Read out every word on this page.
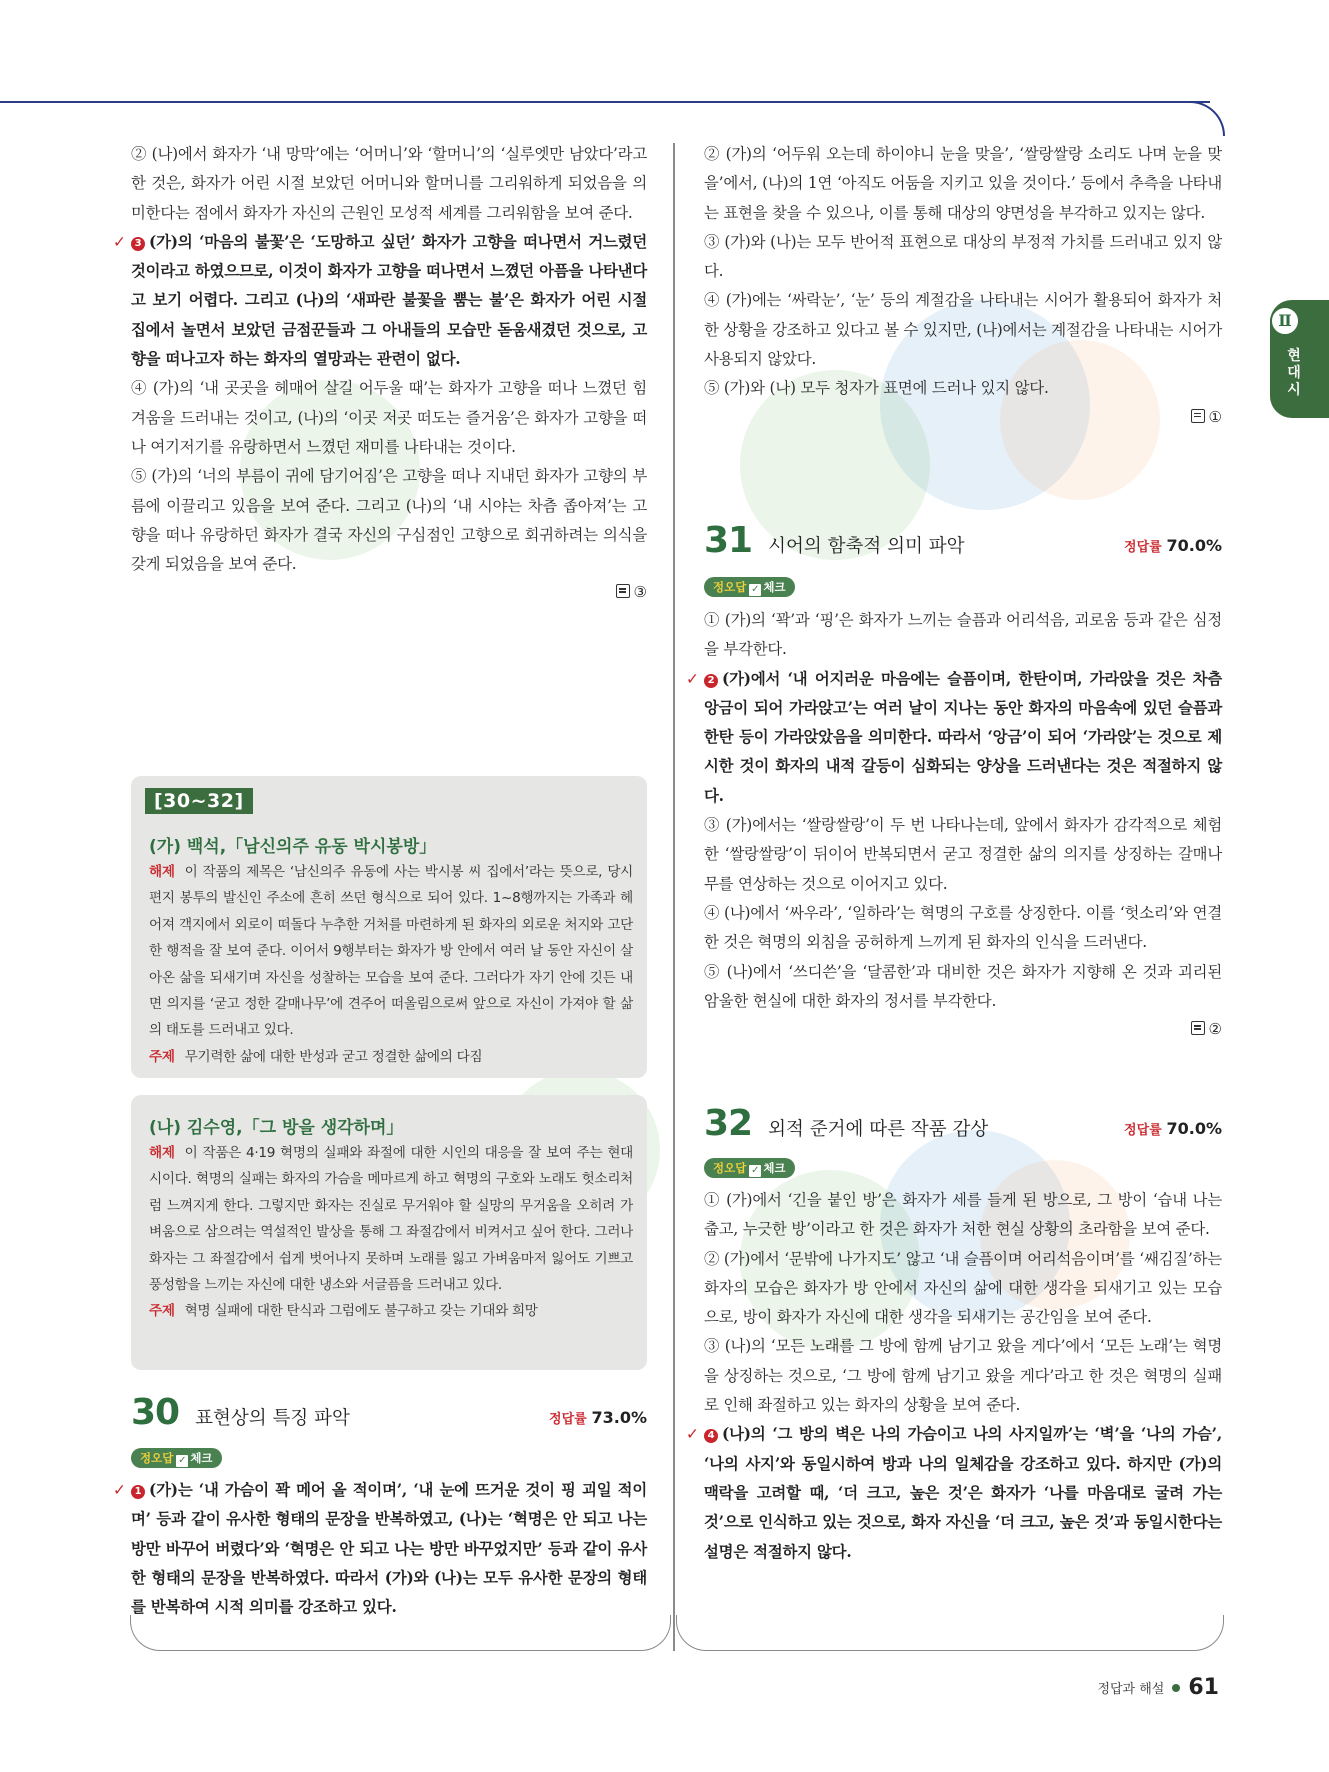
② (나)에서 화자가 ‘내 망막’에는 ‘어머니’와 ‘할머니’의 ‘실루엣만 남았다’라고 한 것은, 화자가 어린 시절 보았던 어머니와 할머니를 그리워하게 되었음을 의미한다는 점에서 화자가 자신의 근원인 모성적 세계를 그리워함을 보여 준다.

✓ 3 (가)의 ‘마음의 불꽃’은 ‘도망하고 싶던’ 화자가 고향을 떠나면서 거느렸던 것이라고 하였으므로, 이것이 화자가 고향을 떠나면서 느꼈던 아픔을 나타낸다고 보기 어렵다. 그리고 (나)의 ‘새파란 불꽃을 뿜는 불’은 화자가 어린 시절 집에서 놀면서 보았던 금점꾼들과 그 아내들의 모습만 돋움새겼던 것으로, 고향을 떠나고자 하는 화자의 열망과는 관련이 없다.

④ (가)의 ‘내 곳곳을 헤매어 살길 어두울 때’는 화자가 고향을 떠나 느꼈던 힘겨움을 드러내는 것이고, (나)의 ‘이곳 저곳 떠도는 즐거움’은 화자가 고향을 떠나 여기저기를 유랑하면서 느꼈던 재미를 나타내는 것이다.

⑤ (가)의 ‘너의 부름이 귀에 담기어짐’은 고향을 떠나 지내던 화자가 고향의 부름에 이끌리고 있음을 보여 준다. 그리고 (나)의 ‘내 시야는 차츰 좁아져’는 고향을 떠나 유랑하던 화자가 결국 자신의 구심점인 고향으로 회귀하려는 의식을 갖게 되었음을 보여 준다.

③
[30~32]
(가) 백석,「남신의주 유동 박시봉방」
해제 이 작품의 제목은 ‘남신의주 유동에 사는 박시봉 씨 집에서’라는 뜻으로, 당시 편지 봉투의 발신인 주소에 흔히 쓰던 형식으로 되어 있다. 1~8행까지는 가족과 헤어져 객지에서 외로이 떠돌다 누추한 거처를 마련하게 된 화자의 외로운 처지와 고단한 행적을 잘 보여 준다. 이어서 9행부터는 화자가 방 안에서 여러 날 동안 자신이 살아온 삶을 되새기며 자신을 성찰하는 모습을 보여 준다. 그러다가 자기 안에 깃든 내면 의지를 ‘굳고 정한 갈매나무’에 견주어 떠올림으로써 앞으로 자신이 가져야 할 삶의 태도를 드러내고 있다.
주제 무기력한 삶에 대한 반성과 굳고 정결한 삶에의 다짐
(나) 김수영,「그 방을 생각하며」
해제 이 작품은 4·19 혁명의 실패와 좌절에 대한 시인의 대응을 잘 보여 주는 현대시이다. 혁명의 실패는 화자의 가슴을 메마르게 하고 혁명의 구호와 노래도 헛소리처럼 느껴지게 한다. 그렇지만 화자는 진실로 무거워야 할 실망의 무거움을 오히려 가벼움으로 삼으려는 역설적인 발상을 통해 그 좌절감에서 비켜서고 싶어 한다. 그러나 화자는 그 좌절감에서 쉽게 벗어나지 못하며 노래를 잃고 가벼움마저 잃어도 기쁘고 풍성함을 느끼는 자신에 대한 냉소와 서글픔을 드러내고 있다.
주제 혁명 실패에 대한 탄식과 그럼에도 불구하고 갖는 기대와 희망
30 표현상의 특징 파악	정답률 73.0%
정오답 ✓ 체크

✓ 1 (가)는 ‘내 가슴이 꽉 메어 올 적이며’, ‘내 눈에 뜨거운 것이 핑 괴일 적이며’ 등과 같이 유사한 형태의 문장을 반복하였고, (나)는 ‘혁명은 안 되고 나는 방만 바꾸어 버렸다’와 ‘혁명은 안 되고 나는 방만 바꾸었지만’ 등과 같이 유사한 형태의 문장을 반복하였다. 따라서 (가)와 (나)는 모두 유사한 문장의 형태를 반복하여 시적 의미를 강조하고 있다.

② (가)의 ‘어두워 오는데 하이야니 눈을 맞을’, ‘쌀랑쌀랑 소리도 나며 눈을 맞을’에서, (나)의 1연 ‘아직도 어둠을 지키고 있을 것이다.’ 등에서 추측을 나타내는 표현을 찾을 수 있으나, 이를 통해 대상의 양면성을 부각하고 있지는 않다.

③ (가)와 (나)는 모두 반어적 표현으로 대상의 부정적 가치를 드러내고 있지 않다.

④ (가)에는 ‘싸락눈’, ‘눈’ 등의 계절감을 나타내는 시어가 활용되어 화자가 처한 상황을 강조하고 있다고 볼 수 있지만, (나)에서는 계절감을 나타내는 시어가 사용되지 않았다.

⑤ (가)와 (나) 모두 청자가 표면에 드러나 있지 않다.

①
31 시어의 함축적 의미 파악	정답률 70.0%
정오답 ✓ 체크

① (가)의 ‘꽉’과 ‘핑’은 화자가 느끼는 슬픔과 어리석음, 괴로움 등과 같은 심정을 부각한다.

✓ 2 (가)에서 ‘내 어지러운 마음에는 슬픔이며, 한탄이며, 가라앉을 것은 차츰 앙금이 되어 가라앉고’는 여러 날이 지나는 동안 화자의 마음속에 있던 슬픔과 한탄 등이 가라앉았음을 의미한다. 따라서 ‘앙금’이 되어 ‘가라앉’는 것으로 제시한 것이 화자의 내적 갈등이 심화되는 양상을 드러낸다는 것은 적절하지 않다.

③ (가)에서는 ‘쌀랑쌀랑’이 두 번 나타나는데, 앞에서 화자가 감각적으로 체험한 ‘쌀랑쌀랑’이 뒤이어 반복되면서 굳고 정결한 삶의 의지를 상징하는 갈매나무를 연상하는 것으로 이어지고 있다.

④ (나)에서 ‘싸우라’, ‘일하라’는 혁명의 구호를 상징한다. 이를 ‘헛소리’와 연결한 것은 혁명의 외침을 공허하게 느끼게 된 화자의 인식을 드러낸다.

⑤ (나)에서 ‘쓰디쓴’을 ‘달콤한’과 대비한 것은 화자가 지향해 온 것과 괴리된 암울한 현실에 대한 화자의 정서를 부각한다.

②
32 외적 준거에 따른 작품 감상	정답률 70.0%
정오답 ✓ 체크

① (가)에서 ‘긴을 붙인 방’은 화자가 세를 들게 된 방으로, 그 방이 ‘습내 나는 춥고, 누긋한 방’이라고 한 것은 화자가 처한 현실 상황의 초라함을 보여 준다.

② (가)에서 ‘문밖에 나가지도’ 않고 ‘내 슬픔이며 어리석음이며’를 ‘쌔김질’하는 화자의 모습은 화자가 방 안에서 자신의 삶에 대한 생각을 되새기고 있는 모습으로, 방이 화자가 자신에 대한 생각을 되새기는 공간임을 보여 준다.

③ (나)의 ‘모든 노래를 그 방에 함께 남기고 왔을 게다’에서 ‘모든 노래’는 혁명을 상징하는 것으로, ‘그 방에 함께 남기고 왔을 게다’라고 한 것은 혁명의 실패로 인해 좌절하고 있는 화자의 상황을 보여 준다.

✓ 4 (나)의 ‘그 방의 벽은 나의 가슴이고 나의 사지일까’는 ‘벽’을 ‘나의 가슴’, ‘나의 사지’와 동일시하여 방과 나의 일체감을 강조하고 있다. 하지만 (가)의 맥락을 고려할 때, ‘더 크고, 높은 것’은 화자가 ‘나를 마음대로 굴려 가는 것’으로 인식하고 있는 것으로, 화자 자신을 ‘더 크고, 높은 것’과 동일시한다는 설명은 적절하지 않다.

Ⅱ
현대시
정답과 해설 61
